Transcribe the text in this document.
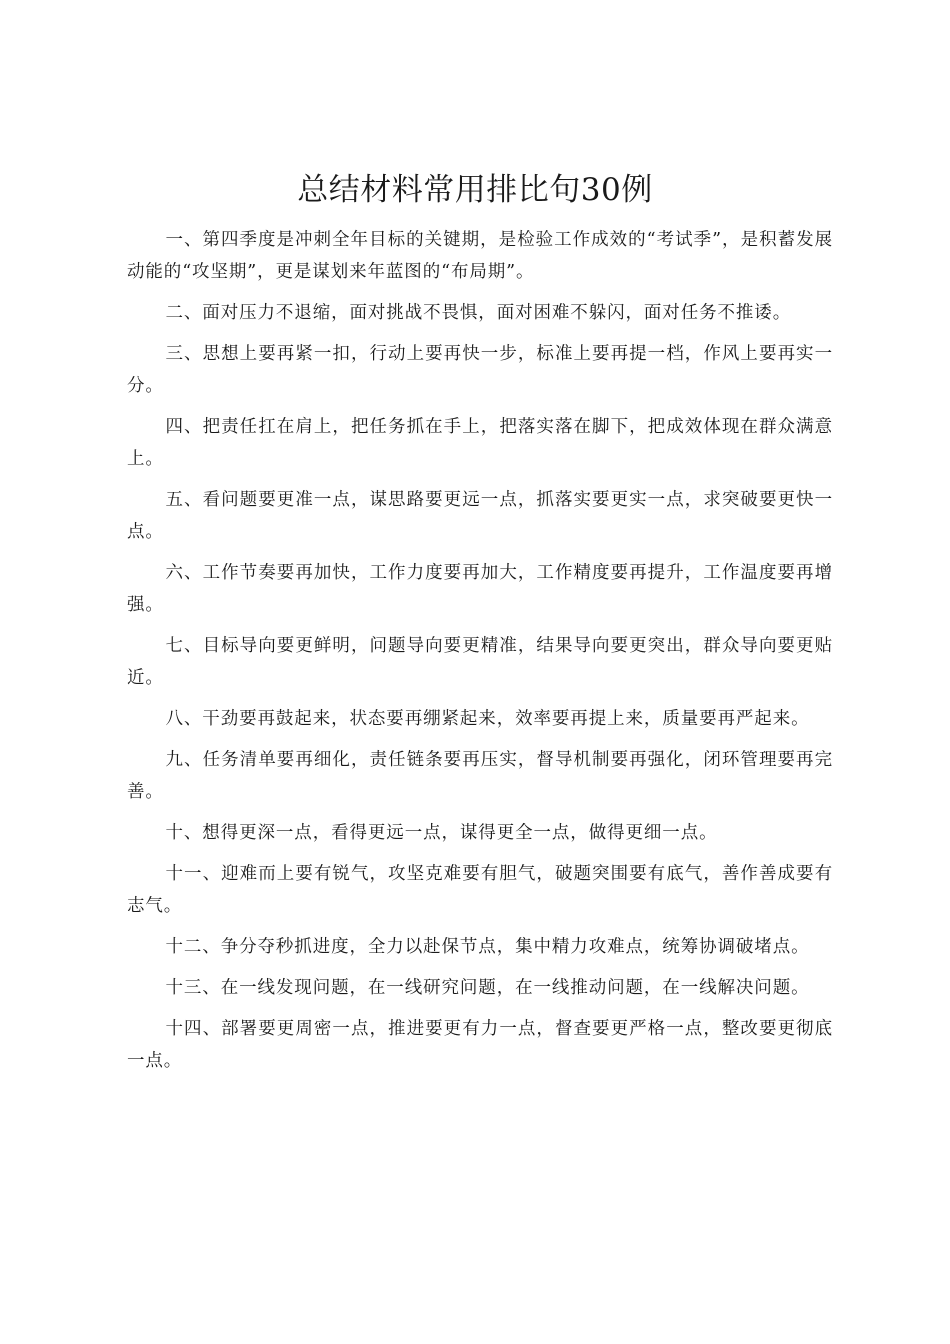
总结材料常用排比句30例

一、第四季度是冲刺全年目标的关键期，是检验工作成效的“考试季”，是积蓄发展动能的“攻坚期”，更是谋划来年蓝图的“布局期”。

二、面对压力不退缩，面对挑战不畏惧，面对困难不躲闪，面对任务不推诿。

三、思想上要再紧一扣，行动上要再快一步，标准上要再提一档，作风上要再实一分。

四、把责任扛在肩上，把任务抓在手上，把落实落在脚下，把成效体现在群众满意上。

五、看问题要更准一点，谋思路要更远一点，抓落实要更实一点，求突破要更快一点。

六、工作节奏要再加快，工作力度要再加大，工作精度要再提升，工作温度要再增强。

七、目标导向要更鲜明，问题导向要更精准，结果导向要更突出，群众导向要更贴近。

八、干劲要再鼓起来，状态要再绷紧起来，效率要再提上来，质量要再严起来。

九、任务清单要再细化，责任链条要再压实，督导机制要再强化，闭环管理要再完善。

十、想得更深一点，看得更远一点，谋得更全一点，做得更细一点。

十一、迎难而上要有锐气，攻坚克难要有胆气，破题突围要有底气，善作善成要有志气。

十二、争分夺秒抓进度，全力以赴保节点，集中精力攻难点，统筹协调破堵点。

十三、在一线发现问题，在一线研究问题，在一线推动问题，在一线解决问题。

十四、部署要更周密一点，推进要更有力一点，督查要更严格一点，整改要更彻底一点。
